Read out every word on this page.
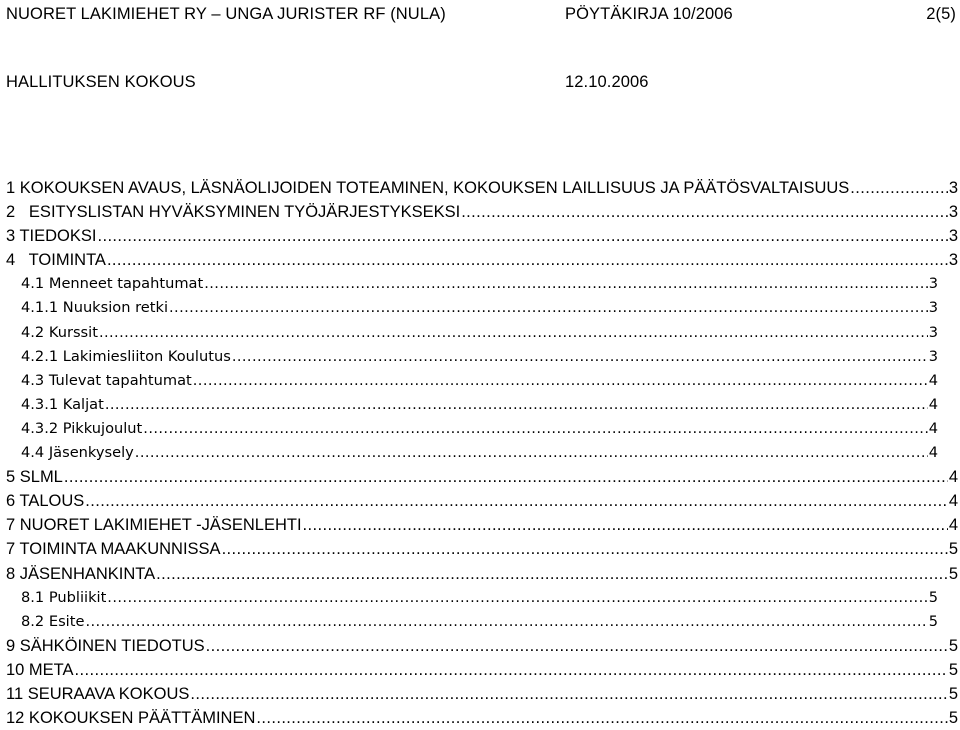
NUORET LAKIMIEHET RY – UNGA JURISTER RF (NULA)	PÖYTÄKIRJA 10/2006	2(5)
HALLITUKSEN KOKOUS	12.10.2006
1 KOKOUKSEN AVAUS, LÄSNÄOLIJOIDEN TOTEAMINEN, KOKOUKSEN LAILLISUUS JA PÄÄTÖSVALTAISUUS .....	3
2   ESITYSLISTAN HYVÄKSYMINEN TYÖJÄRJESTYKSEKSI .....	3
3 TIEDOKSI .....	3
4   TOIMINTA .....	3
4.1 Menneet tapahtumat .....	3
4.1.1 Nuuksion retki .....	3
4.2 Kurssit .....	3
4.2.1 Lakimiesliiton Koulutus .....	3
4.3 Tulevat tapahtumat .....	4
4.3.1 Kaljat .....	4
4.3.2 Pikkujoulut .....	4
4.4 Jäsenkysely .....	4
5 SLML .....	4
6 TALOUS .....	4
7 NUORET LAKIMIEHET -JÄSENLEHTI .....	4
7 TOIMINTA MAAKUNNISSA .....	5
8 JÄSENHANKINTA .....	5
8.1 Publiikit .....	5
8.2 Esite .....	5
9 SÄHKÖINEN TIEDOTUS .....	5
10 META .....	5
11 SEURAAVA KOKOUS .....	5
12 KOKOUKSEN PÄÄTTÄMINEN .....	5
